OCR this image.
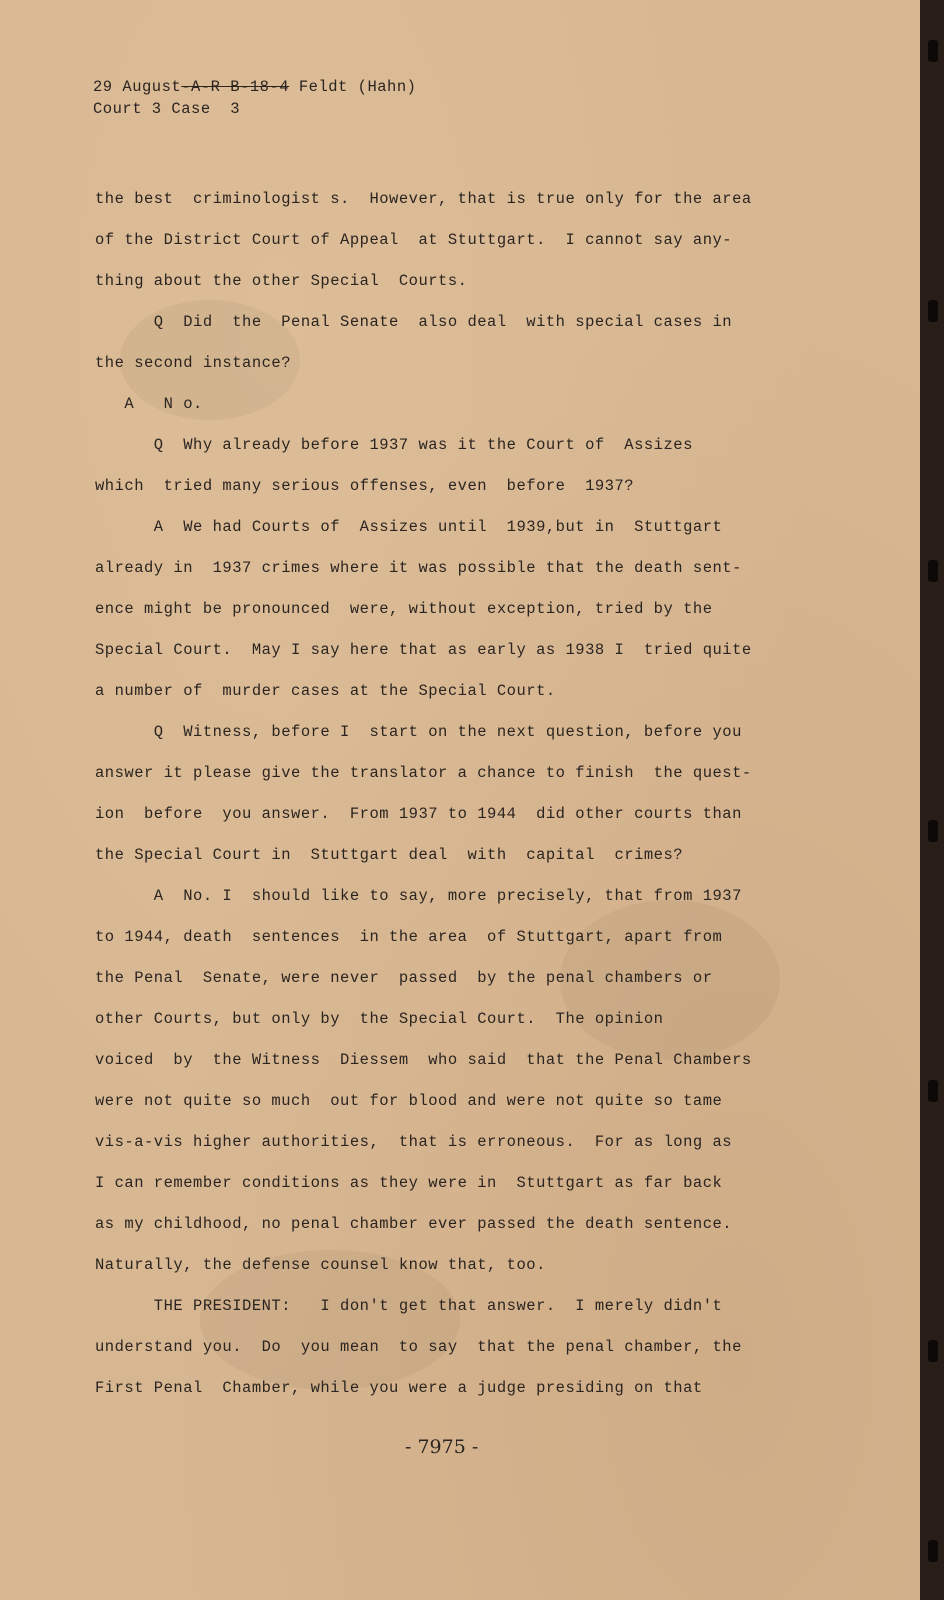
29 August-A-R B-18-4 Feldt (Hahn)
Court 3 Case  3
the best  criminologist s.  However, that is true only for the area
of the District Court of Appeal  at Stuttgart.  I cannot say any-
thing about the other Special  Courts.
Q  Did  the  Penal Senate  also deal  with special cases in
the second instance?
A   N o.
Q  Why already before 1937 was it the Court of  Assizes
which  tried many serious offenses, even  before  1937?
A  We had Courts of  Assizes until  1939,but in  Stuttgart
already in  1937 crimes where it was possible that the death sent-
ence might be pronounced  were, without exception, tried by the
Special Court.  May I say here that as early as 1938 I  tried quite
a number of  murder cases at the Special Court.
Q  Witness, before I  start on the next question, before you
answer it please give the translator a chance to finish  the quest-
ion  before  you answer.  From 1937 to 1944  did other courts than
the Special Court in  Stuttgart deal  with  capital  crimes?
A  No. I  should like to say, more precisely, that from 1937
to 1944, death  sentences  in the area  of Stuttgart, apart from
the Penal  Senate, were never  passed  by the penal chambers or
other Courts, but only by  the Special Court.  The opinion
voiced  by  the Witness  Diessem  who said  that the Penal Chambers
were not quite so much  out for blood and were not quite so tame
vis-a-vis higher authorities,  that is erroneous.  For as long as
I can remember conditions as they were in  Stuttgart as far back
as my childhood, no penal chamber ever passed the death sentence.
Naturally, the defense counsel know that, too.
THE PRESIDENT:   I don't get that answer.  I merely didn't
understand you.  Do  you mean  to say  that the penal chamber, the
First Penal  Chamber, while you were a judge presiding on that
- 7975 -
